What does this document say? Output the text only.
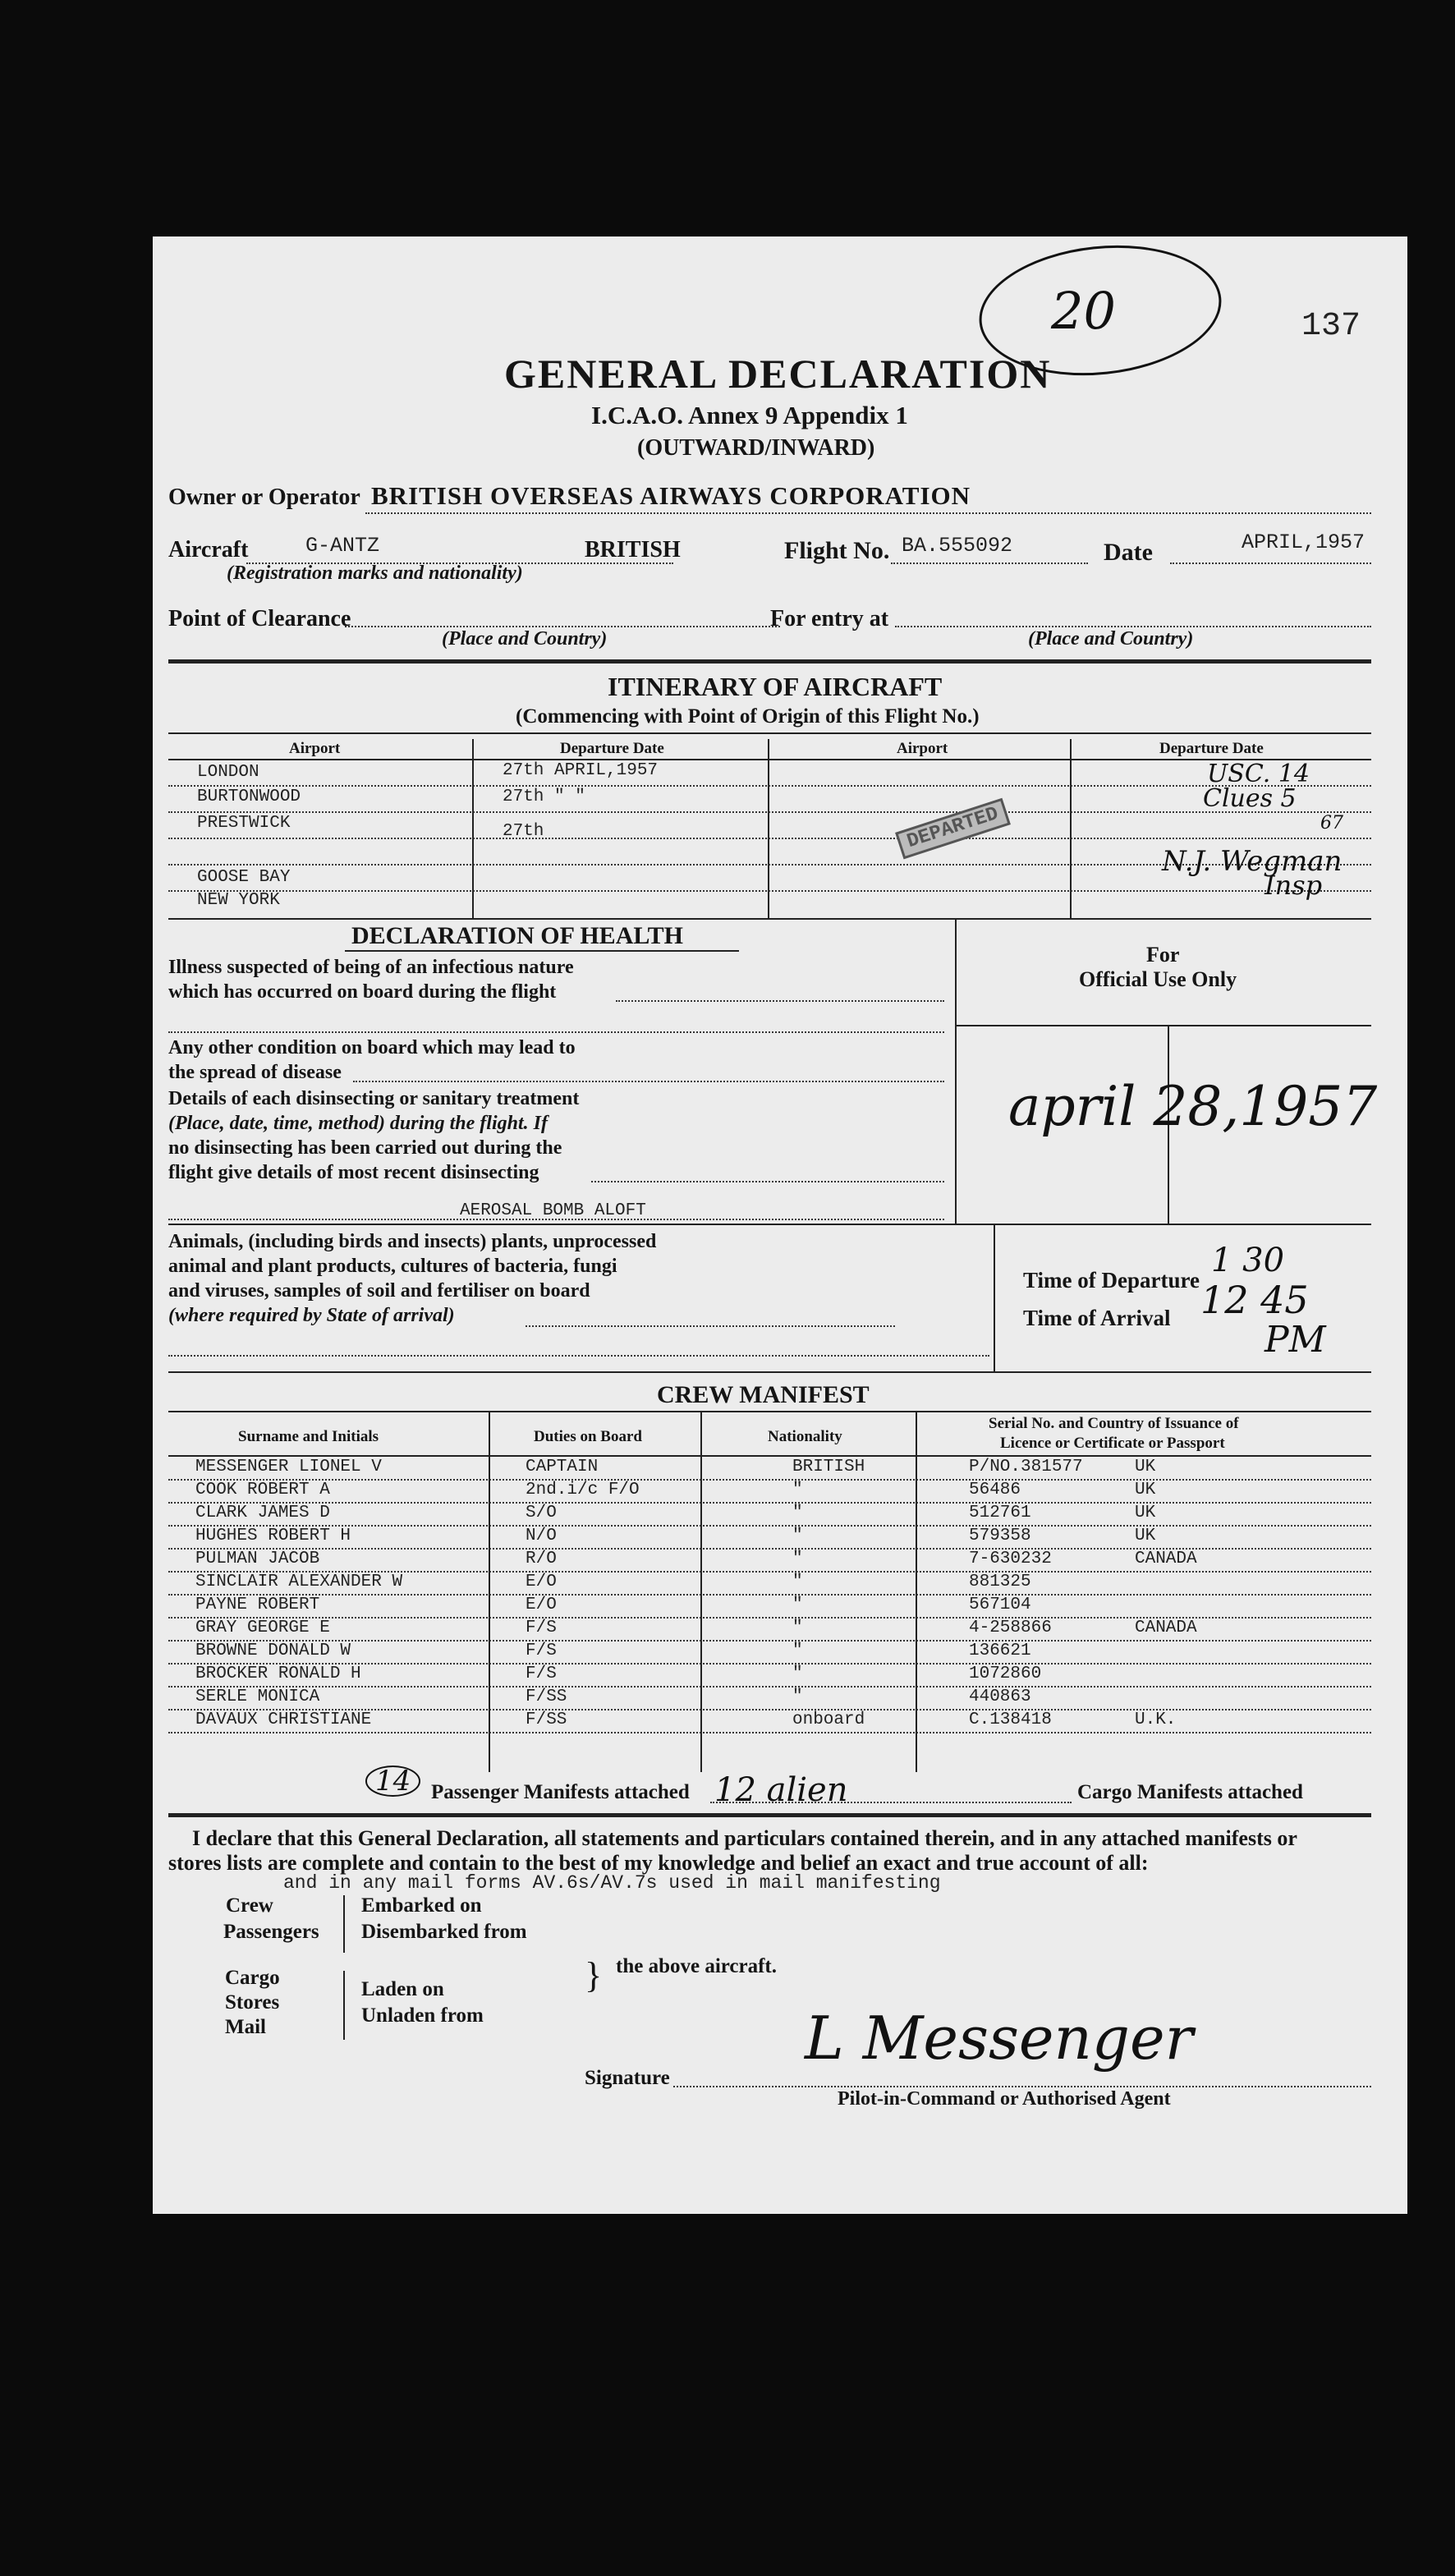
137
20
GENERAL DECLARATION
I.C.A.O. Annex 9 Appendix 1
(OUTWARD/INWARD)
Owner or Operator BRITISH OVERSEAS AIRWAYS CORPORATION
Aircraft	G-ANTZ	BRITISH
(Registration marks and nationality)
Flight No. BA.555092	Date	APRIL,1957
Point of Clearance
(Place and Country)
For entry at
(Place and Country)
ITINERARY OF AIRCRAFT
(Commencing with Point of Origin of this Flight No.)
Airport	Departure Date	Airport	Departure Date
LONDON	27th APRIL,1957
BURTONWOOD	27th " "
PRESTWICK	27th
GOOSE BAY
NEW YORK
DEPARTED
USC. 14
Clues 5
67
N.J. Wegman
Insp
DECLARATION OF HEALTH
For
Official Use Only
april 28,1957
Illness suspected of being of an infectious nature
which has occurred on board during the flight
Any other condition on board which may lead to
the spread of disease
Details of each disinsecting or sanitary treatment
(Place, date, time, method) during the flight. If
no disinsecting has been carried out during the
flight give details of most recent disinsecting
AEROSAL BOMB ALOFT
Animals, (including birds and insects) plants, unprocessed
animal and plant products, cultures of bacteria, fungi
and viruses, samples of soil and fertiliser on board
(where required by State of arrival)
Time of Departure
Time of Arrival
1 30
12 45
PM
CREW MANIFEST
Surname and Initials	Duties on Board	Nationality
Serial No. and Country of Issuance of
Licence or Certificate or Passport
MESSENGER LIONEL V	CAPTAIN	BRITISH	P/NO.381577	UK
COOK ROBERT A	2nd.i/c F/O	"	56486	UK
CLARK JAMES D	S/O	"	512761	UK
HUGHES ROBERT H	N/O	"	579358	UK
PULMAN JACOB	R/O	"	7-630232	CANADA
SINCLAIR ALEXANDER W	E/O	"	881325
PAYNE ROBERT	E/O	"	567104
GRAY GEORGE E	F/S	"	4-258866	CANADA
BROWNE DONALD W	F/S	"	136621
BROCKER RONALD H	F/S	"	1072860
SERLE MONICA	F/SS	"	440863
DAVAUX CHRISTIANE	F/SS	onboard	C.138418	U.K.
14 Passenger Manifests attached 12 alien	Cargo Manifests attached
I declare that this General Declaration, all statements and particulars contained therein, and in any attached manifests or
stores lists are complete and contain to the best of my knowledge and belief an exact and true account of all:
and in any mail forms AV.6s/AV.7s used in mail manifesting
Crew
Passengers
Embarked on
Disembarked from
Cargo
Stores
Mail
Laden on
Unladen from
} the above aircraft.
Signature
L Messenger
Pilot-in-Command or Authorised Agent
